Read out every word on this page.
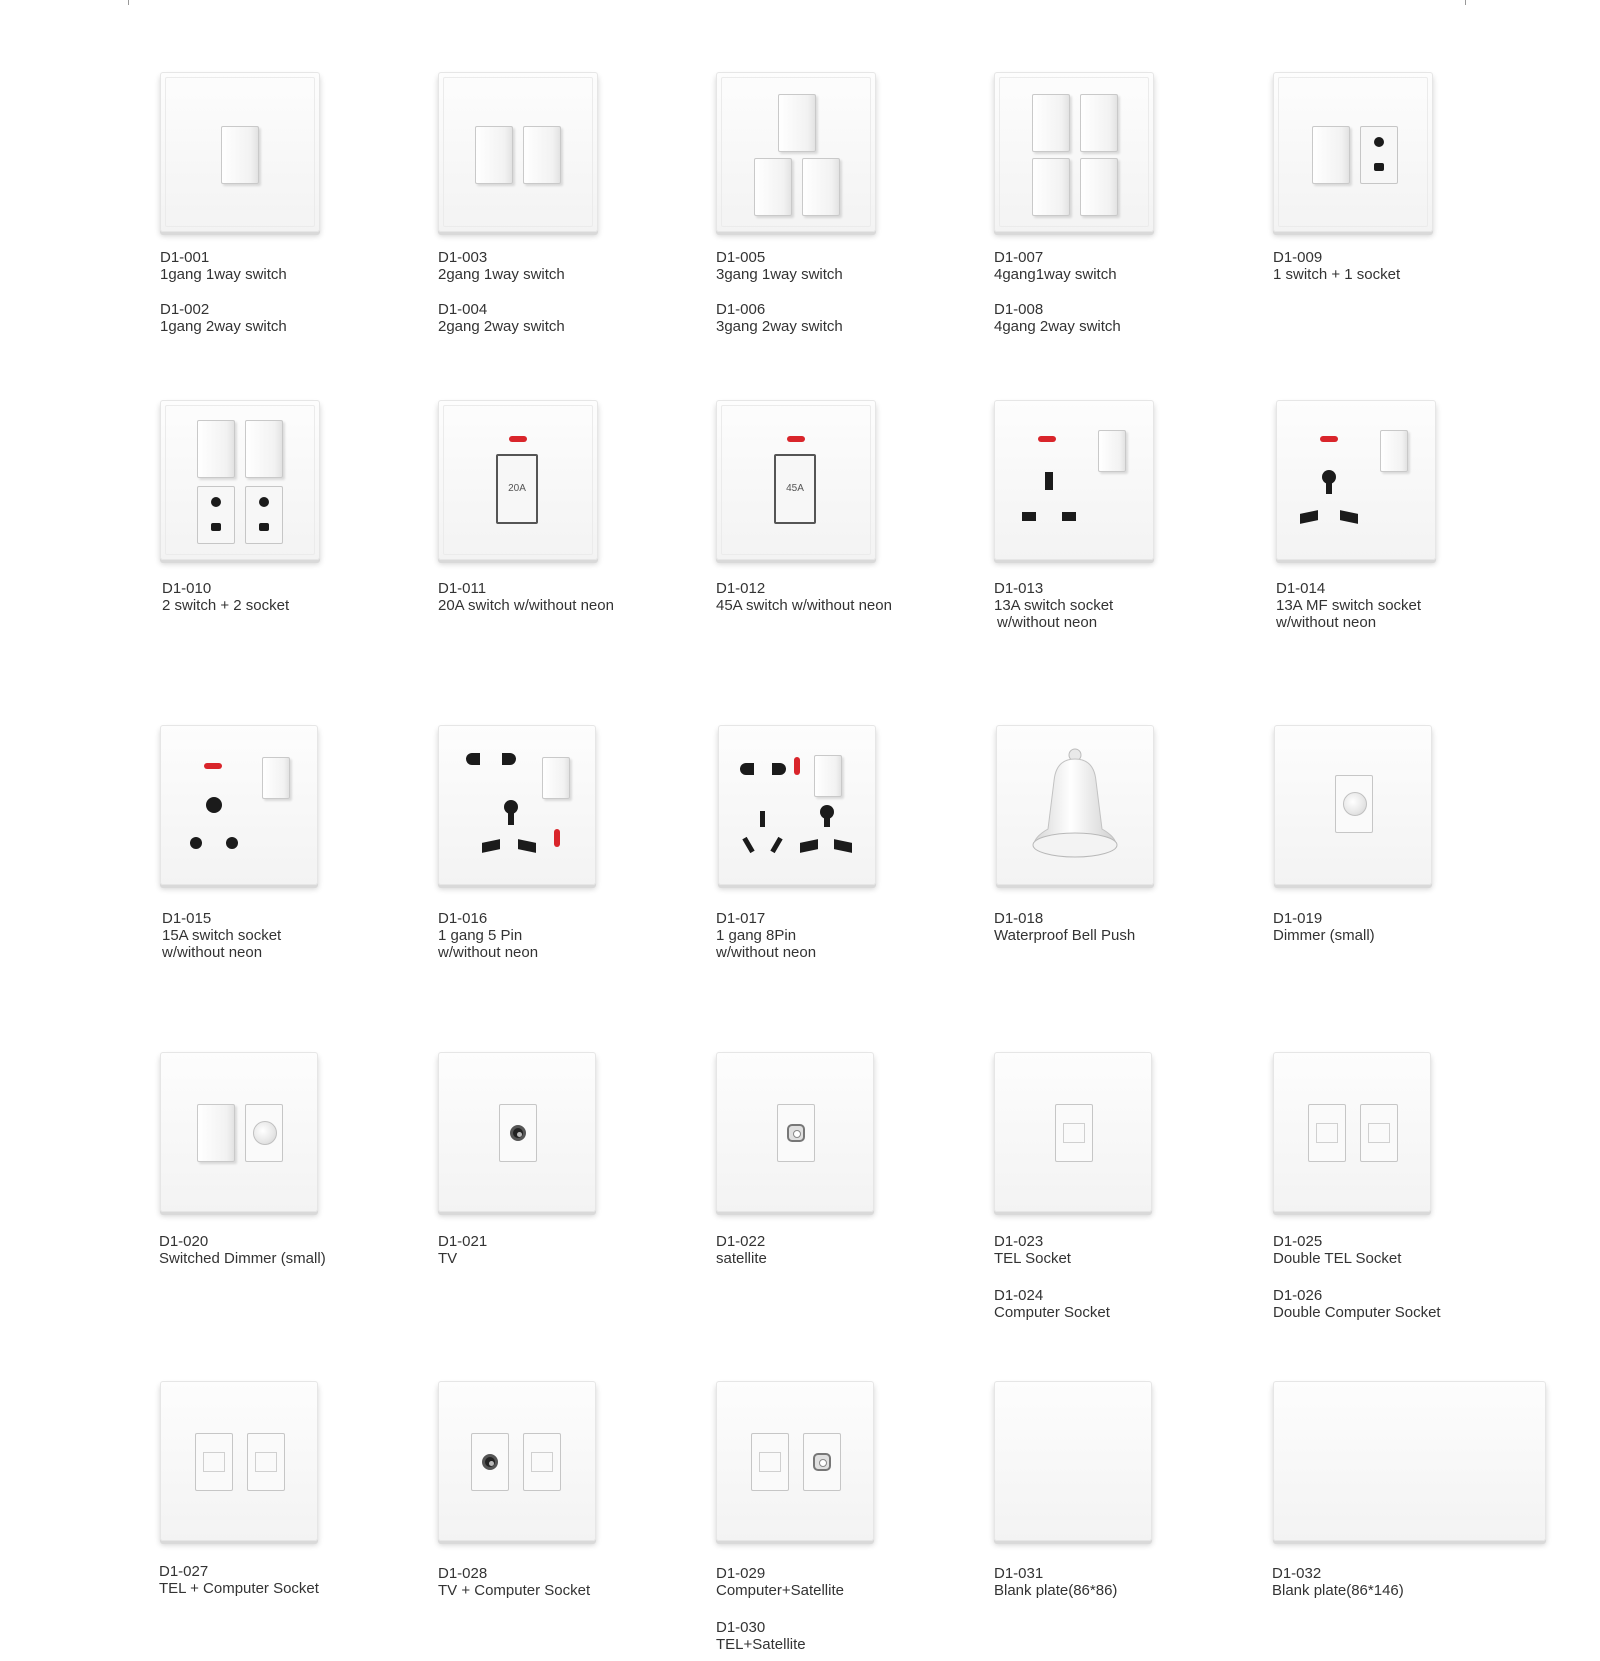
D1-001
1gang 1way switch
D1-002
1gang 2way switch
D1-003
2gang 1way switch
D1-004
2gang 2way switch
D1-005
3gang 1way switch
D1-006
3gang 2way switch
D1-007
4gang1way switch
D1-008
4gang 2way switch
D1-009
1 switch + 1 socket
D1-010
2 switch + 2 socket
20A
D1-011
20A switch w/without neon
45A
D1-012
45A switch w/without neon
D1-013
13A switch socket
w/without neon
D1-014
13A MF switch socket
w/without neon
D1-015
15A switch socket
w/without neon
D1-016
1 gang 5 Pin
w/without neon
D1-017
1 gang 8Pin
w/without neon
D1-018
Waterproof Bell Push
D1-019
Dimmer (small)
D1-020
Switched Dimmer (small)
D1-021
TV
D1-022
satellite
D1-023
TEL Socket
D1-024
Computer Socket
D1-025
Double TEL Socket
D1-026
Double Computer Socket
D1-027
TEL + Computer Socket
D1-028
TV + Computer Socket
D1-029
Computer+Satellite
D1-030
TEL+Satellite
D1-031
Blank plate(86*86)
D1-032
Blank plate(86*146)
